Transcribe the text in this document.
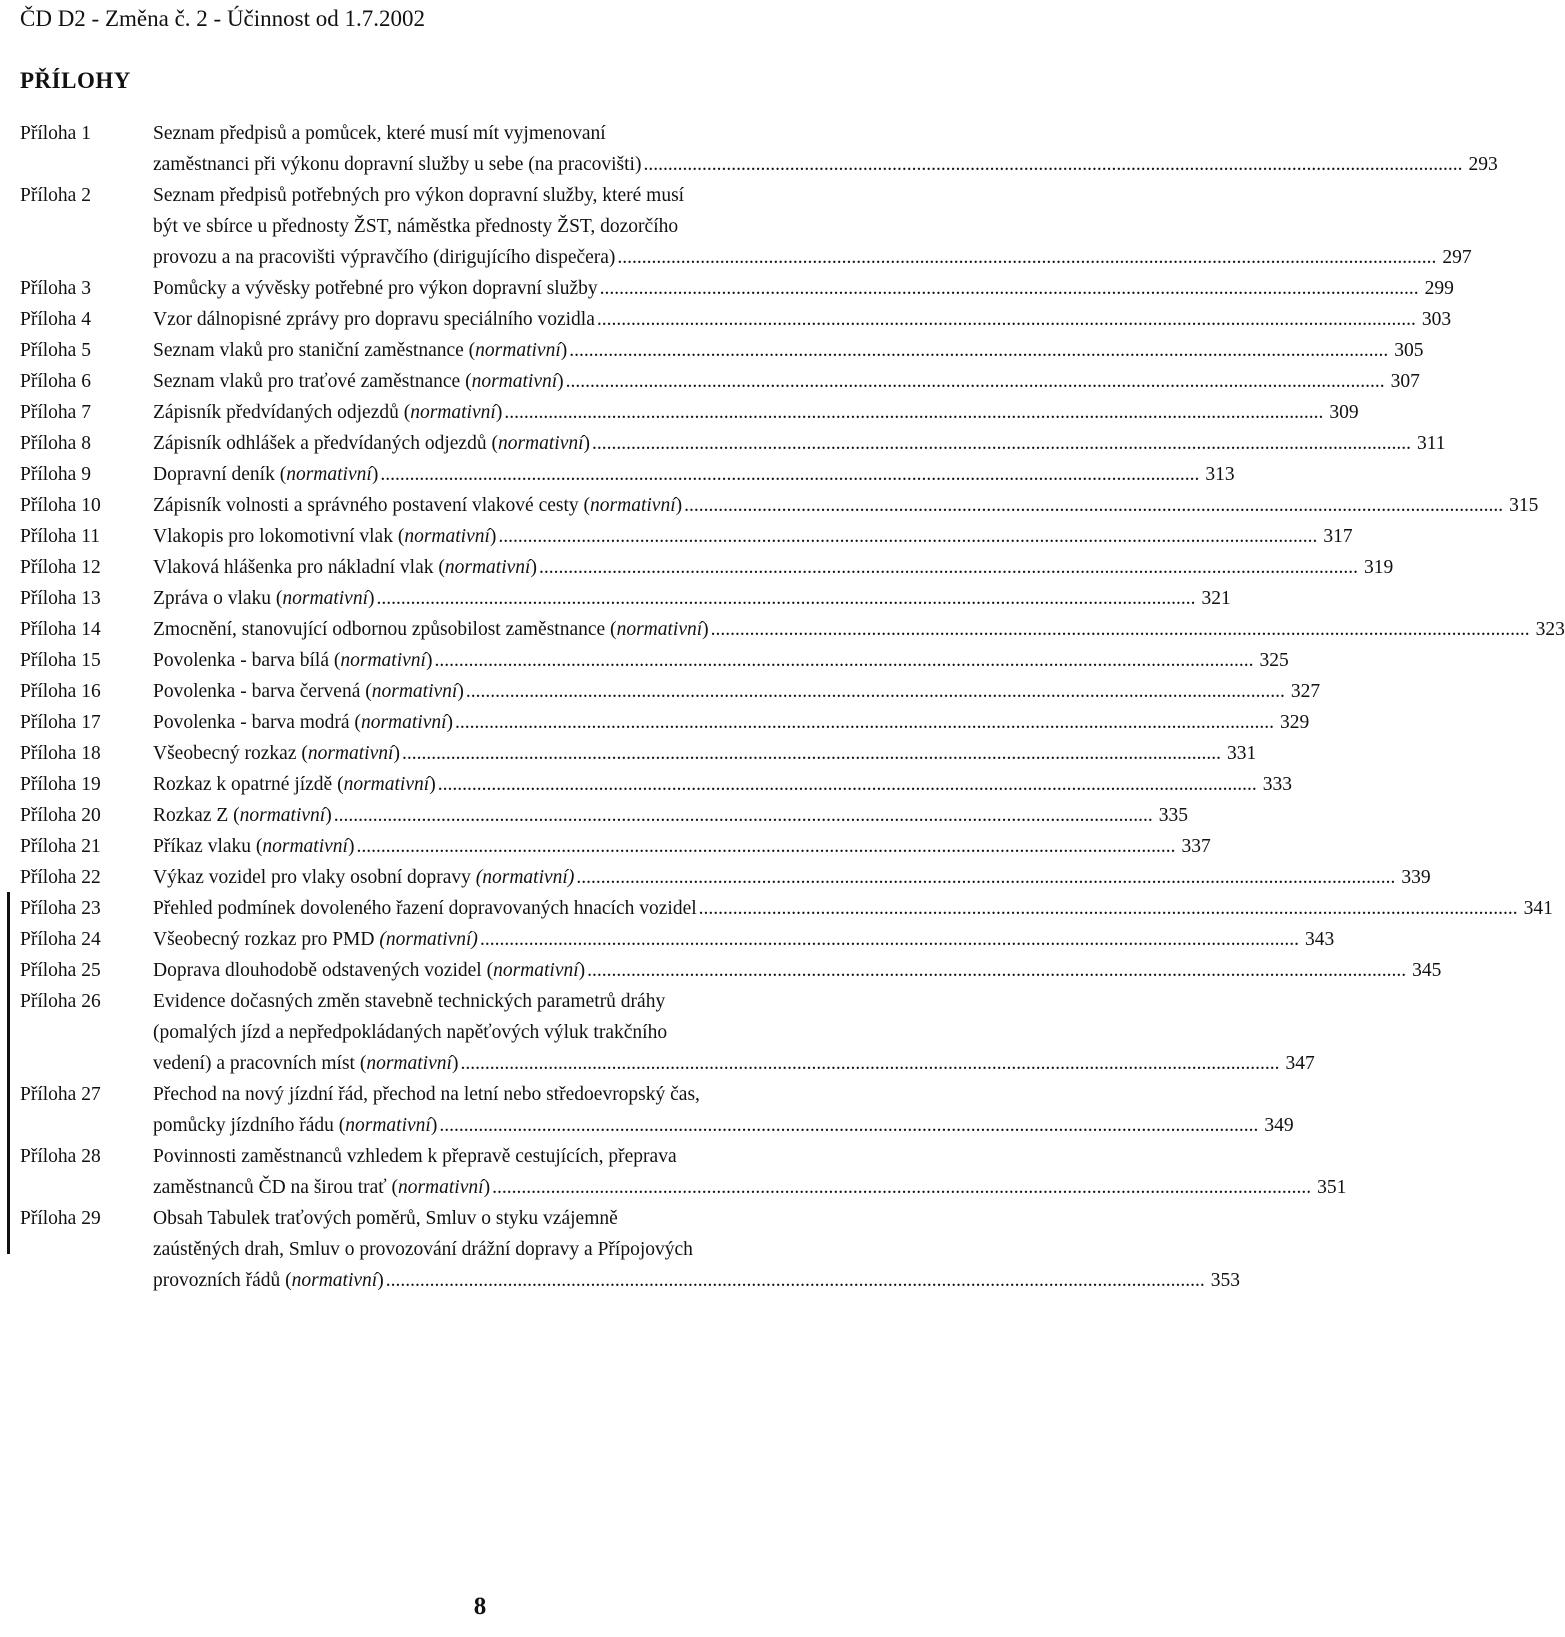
ČD D2 - Změna č. 2 - Účinnost od 1.7.2002
PŘÍLOHY
Příloha 1	Seznam předpisů a pomůcek, které musí mít vyjmenovaní
zaměstnanci při výkonu dopravní služby u sebe (na pracovišti) ........................................................................................................................................................................ 293
Příloha 2	Seznam předpisů potřebných pro výkon dopravní služby, které musí
být ve sbírce u přednosty ŽST, náměstka přednosty ŽST, dozorčího
provozu a na pracovišti výpravčího (dirigujícího dispečera) ........................................................................................................................................................................ 297
Příloha 3	Pomůcky a vývěsky potřebné pro výkon dopravní služby ........................................................................................................................................................................ 299
Příloha 4	Vzor dálnopisné zprávy pro dopravu speciálního vozidla ........................................................................................................................................................................ 303
Příloha 5	Seznam vlaků pro staniční zaměstnance (normativní) ........................................................................................................................................................................ 305
Příloha 6	Seznam vlaků pro traťové zaměstnance (normativní) ........................................................................................................................................................................ 307
Příloha 7	Zápisník předvídaných odjezdů (normativní) ........................................................................................................................................................................ 309
Příloha 8	Zápisník odhlášek a předvídaných odjezdů (normativní) ........................................................................................................................................................................ 311
Příloha 9	Dopravní deník (normativní) ........................................................................................................................................................................ 313
Příloha 10	Zápisník volnosti a správného postavení vlakové cesty (normativní) ........................................................................................................................................................................ 315
Příloha 11	Vlakopis pro lokomotivní vlak (normativní) ........................................................................................................................................................................ 317
Příloha 12	Vlaková hlášenka pro nákladní vlak (normativní) ........................................................................................................................................................................ 319
Příloha 13	Zpráva o vlaku (normativní) ........................................................................................................................................................................ 321
Příloha 14	Zmocnění, stanovující odbornou způsobilost zaměstnance (normativní) ........................................................................................................................................................................ 323
Příloha 15	Povolenka - barva bílá (normativní) ........................................................................................................................................................................ 325
Příloha 16	Povolenka - barva červená (normativní) ........................................................................................................................................................................ 327
Příloha 17	Povolenka - barva modrá (normativní) ........................................................................................................................................................................ 329
Příloha 18	Všeobecný rozkaz (normativní) ........................................................................................................................................................................ 331
Příloha 19	Rozkaz k opatrné jízdě (normativní) ........................................................................................................................................................................ 333
Příloha 20	Rozkaz Z (normativní) ........................................................................................................................................................................ 335
Příloha 21	Příkaz vlaku (normativní) ........................................................................................................................................................................ 337
Příloha 22	Výkaz vozidel pro vlaky osobní dopravy (normativní) ........................................................................................................................................................................ 339
Příloha 23	Přehled podmínek dovoleného řazení dopravovaných hnacích vozidel ........................................................................................................................................................................ 341
Příloha 24	Všeobecný rozkaz pro PMD (normativní) ........................................................................................................................................................................ 343
Příloha 25	Doprava dlouhodobě odstavených vozidel (normativní) ........................................................................................................................................................................ 345
Příloha 26	Evidence dočasných změn stavebně technických parametrů dráhy
(pomalých jízd a nepředpokládaných napěťových výluk trakčního
vedení) a pracovních míst (normativní) ........................................................................................................................................................................ 347
Příloha 27	Přechod na nový jízdní řád, přechod na letní nebo středoevropský čas,
pomůcky jízdního řádu (normativní) ........................................................................................................................................................................ 349
Příloha 28	Povinnosti zaměstnanců vzhledem k přepravě cestujících, přeprava
zaměstnanců ČD na širou trať (normativní) ........................................................................................................................................................................ 351
Příloha 29	Obsah Tabulek traťových poměrů, Smluv o styku vzájemně
zaústěných drah, Smluv o provozování drážní dopravy a Přípojových
provozních řádů (normativní) ........................................................................................................................................................................ 353
8
